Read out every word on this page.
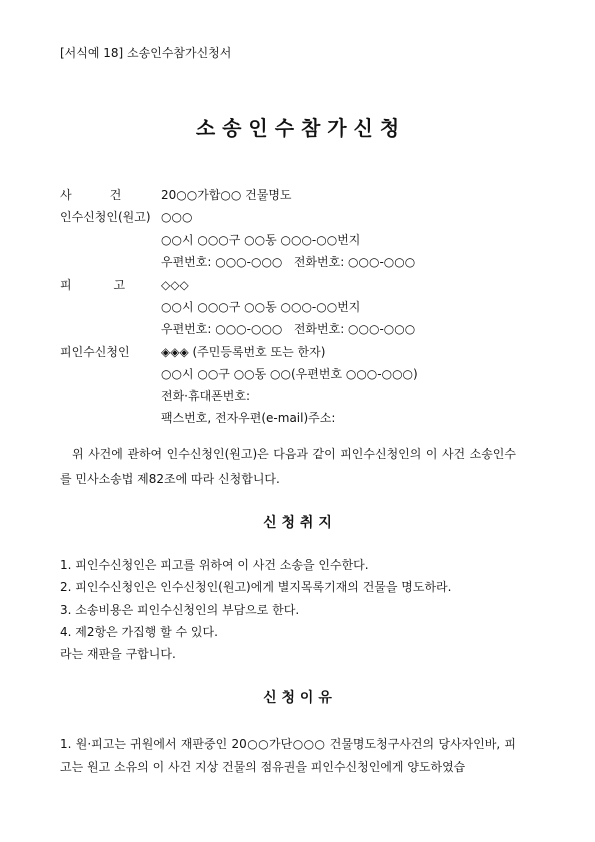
[서식예 18] 소송인수참가신청서
소 송 인 수 참 가 신 청
사          건	20○○가합○○ 건물명도
인수신청인(원고) ○○○
○○시 ○○○구 ○○동 ○○○-○○번지
우편번호: ○○○-○○○   전화번호: ○○○-○○○
피           고	◇◇◇
○○시 ○○○구 ○○동 ○○○-○○번지
우편번호: ○○○-○○○   전화번호: ○○○-○○○
피인수신청인	◈◈◈ (주민등록번호 또는 한자)
○○시 ○○구 ○○동 ○○(우편번호 ○○○-○○○)
전화·휴대폰번호:
팩스번호, 전자우편(e-mail)주소:
위 사건에 관하여 인수신청인(원고)은 다음과 같이 피인수신청인의 이 사건 소송인수를 민사소송법 제82조에 따라 신청합니다.
신 청 취 지
1. 피인수신청인은 피고를 위하여 이 사건 소송을 인수한다.
2. 피인수신청인은 인수신청인(원고)에게 별지목록기재의 건물을 명도하라.
3. 소송비용은 피인수신청인의 부담으로 한다.
4. 제2항은 가집행 할 수 있다.
라는 재판을 구합니다.
신 청 이 유
1. 원·피고는 귀원에서 재판중인 20○○가단○○○ 건물명도청구사건의 당사자인바, 피고는 원고 소유의 이 사건 지상 건물의 점유권을 피인수신청인에게 양도하였습
